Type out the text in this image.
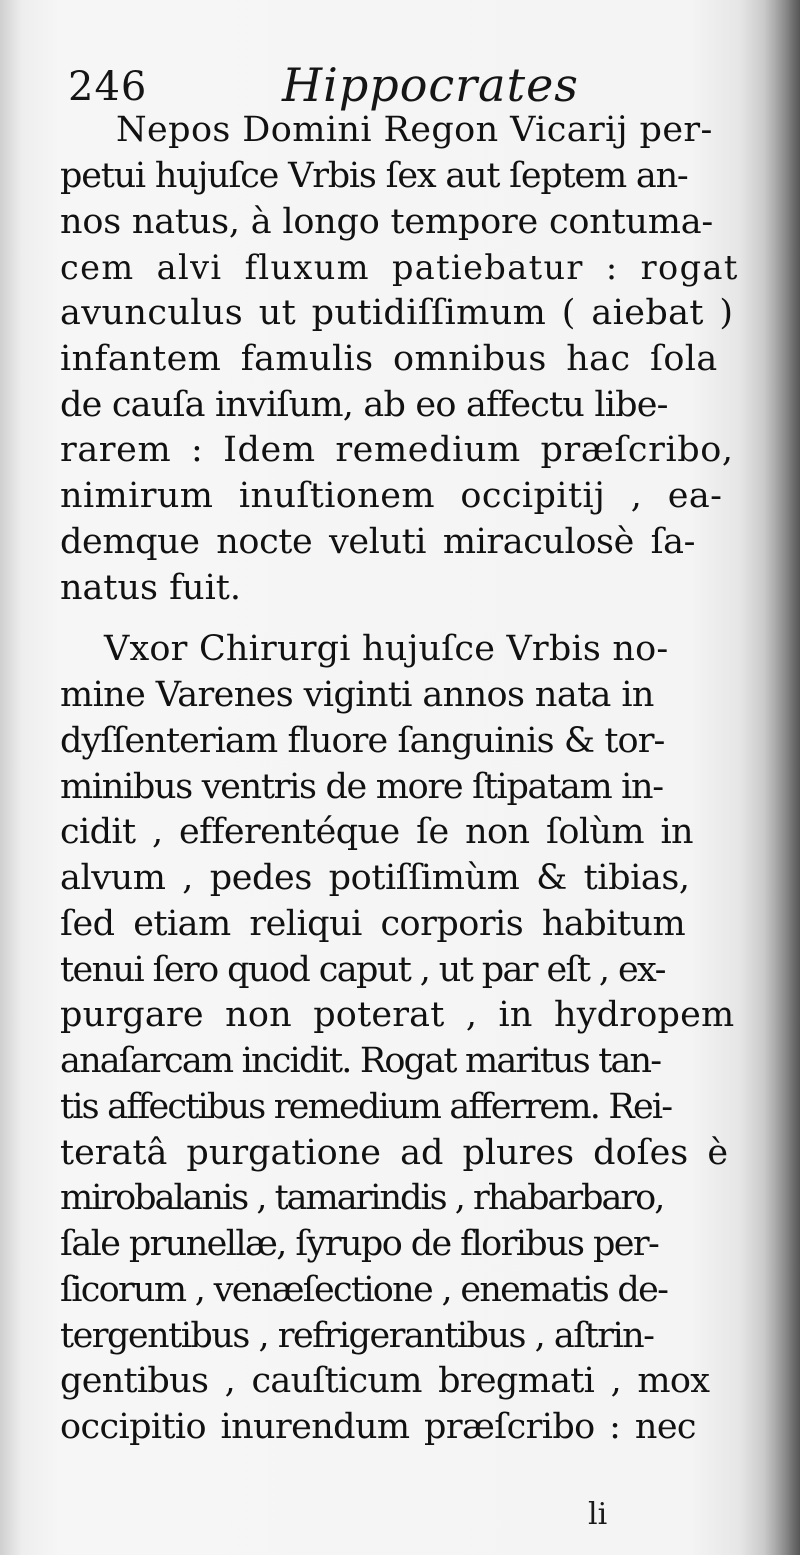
246	Hippocrates
Nepos Domini Regon Vicarij per-
petui hujuſce Vrbis ſex aut ſeptem an-
nos natus, à longo tempore contuma-
cem alvi fluxum patiebatur : rogat
avunculus ut putidiſſimum ( aiebat )
infantem famulis omnibus hac ſola
de cauſa inviſum, ab eo affectu libe-
rarem : Idem remedium præſcribo,
nimirum inuſtionem occipitij , ea-
demque nocte veluti miraculosè ſa-
natus fuit.
Vxor Chirurgi hujuſce Vrbis no-
mine Varenes viginti annos nata in
dyſſenteriam fluore ſanguinis & tor-
minibus ventris de more ſtipatam in-
cidit , efferentéque ſe non ſolùm in
alvum , pedes potiſſimùm & tibias,
ſed etiam reliqui corporis habitum
tenui ſero quod caput , ut par eſt , ex-
purgare non poterat , in hydropem
anaſarcam incidit. Rogat maritus tan-
tis affectibus remedium afferrem. Rei-
teratâ purgatione ad plures doſes è
mirobalanis , tamarindis , rhabarbaro,
ſale prunellæ, ſyrupo de floribus per-
ſicorum , venæſectione , enematis de-
tergentibus , refrigerantibus , aſtrin-
gentibus , cauſticum bregmati , mox
occipitio inurendum præſcribo : nec
li
